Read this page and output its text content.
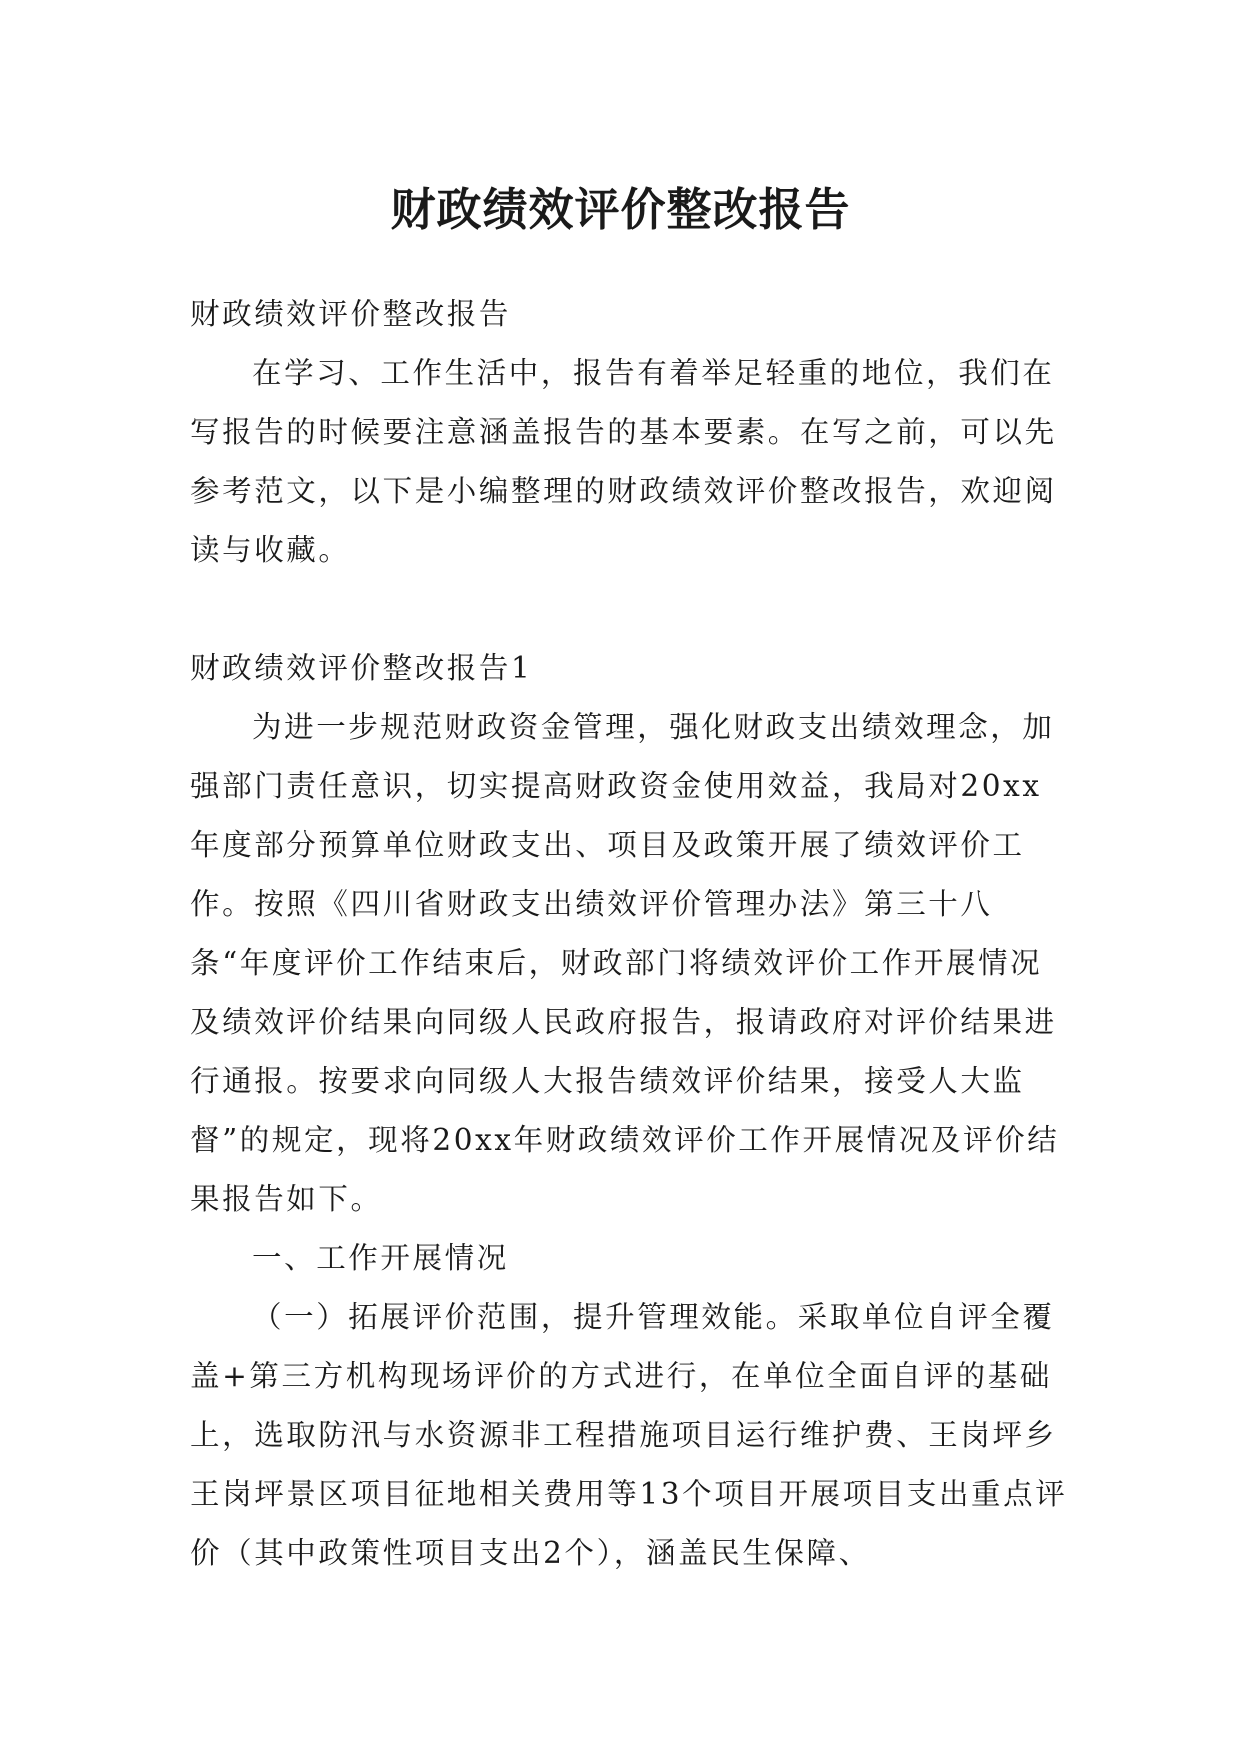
财政绩效评价整改报告

财政绩效评价整改报告

在学习、工作生活中，报告有着举足轻重的地位，我们在写报告的时候要注意涵盖报告的基本要素。在写之前，可以先参考范文，以下是小编整理的财政绩效评价整改报告，欢迎阅读与收藏。

财政绩效评价整改报告1

为进一步规范财政资金管理，强化财政支出绩效理念，加强部门责任意识，切实提高财政资金使用效益，我局对20xx年度部分预算单位财政支出、项目及政策开展了绩效评价工作。按照《四川省财政支出绩效评价管理办法》第三十八条“年度评价工作结束后，财政部门将绩效评价工作开展情况及绩效评价结果向同级人民政府报告，报请政府对评价结果进行通报。按要求向同级人大报告绩效评价结果，接受人大监督”的规定，现将20xx年财政绩效评价工作开展情况及评价结果报告如下。

一、工作开展情况

（一）拓展评价范围，提升管理效能。采取单位自评全覆盖+第三方机构现场评价的方式进行，在单位全面自评的基础上，选取防汛与水资源非工程措施项目运行维护费、王岗坪乡王岗坪景区项目征地相关费用等13个项目开展项目支出重点评价（其中政策性项目支出2个），涵盖民生保障、
